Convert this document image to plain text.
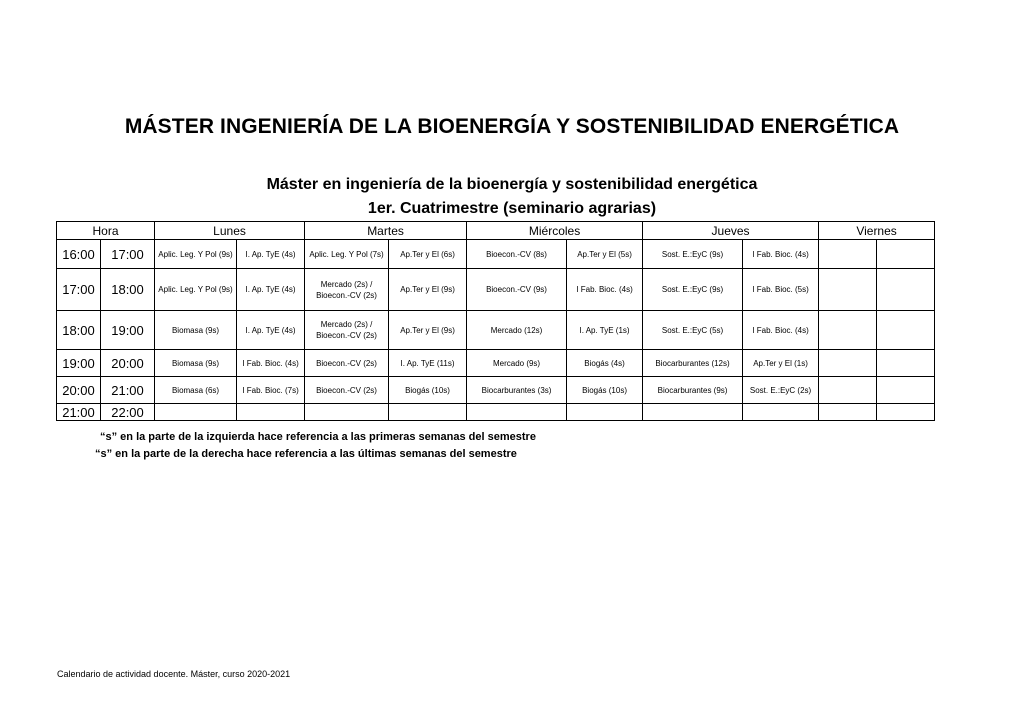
MÁSTER INGENIERÍA DE LA BIOENERGÍA Y SOSTENIBILIDAD ENERGÉTICA
Máster en ingeniería de la bioenergía y sostenibilidad energética
1er. Cuatrimestre (seminario agrarias)
Hora		Lunes		Martes		Miércoles		Jueves		Viernes	
16:00	17:00	Aplic. Leg. Y Pol (9s)	I. Ap. TyE (4s)	Aplic. Leg. Y Pol (7s)	Ap.Ter y El (6s)	Bioecon.-CV (8s)	Ap.Ter y El (5s)	Sost. E.:EyC (9s)	I Fab. Bioc. (4s)		
17:00	18:00	Aplic. Leg. Y Pol (9s)	I. Ap. TyE (4s)	Mercado (2s) / Bioecon.-CV (2s)	Ap.Ter y El (9s)	Bioecon.-CV (9s)	I Fab. Bioc. (4s)	Sost. E.:EyC (9s)	I Fab. Bioc. (5s)		
18:00	19:00	Biomasa (9s)	I. Ap. TyE (4s)	Mercado (2s) / Bioecon.-CV (2s)	Ap.Ter y El (9s)	Mercado (12s)	I. Ap. TyE (1s)	Sost. E.:EyC (5s)	I Fab. Bioc. (4s)		
19:00	20:00	Biomasa (9s)	I Fab. Bioc. (4s)	Bioecon.-CV (2s)	I. Ap. TyE (11s)	Mercado (9s)	Biogás (4s)	Biocarburantes (12s)	Ap.Ter y El (1s)		
20:00	21:00	Biomasa (6s)	I Fab. Bioc. (7s)	Bioecon.-CV (2s)	Biogás (10s)	Biocarburantes (3s)	Biogás (10s)	Biocarburantes (9s)	Sost. E.:EyC (2s)		
21:00	22:00										
“s” en la parte de la izquierda hace referencia a las primeras semanas del semestre
“s” en la parte de la derecha hace referencia a las últimas semanas del semestre
Calendario de actividad docente. Máster, curso 2020-2021
